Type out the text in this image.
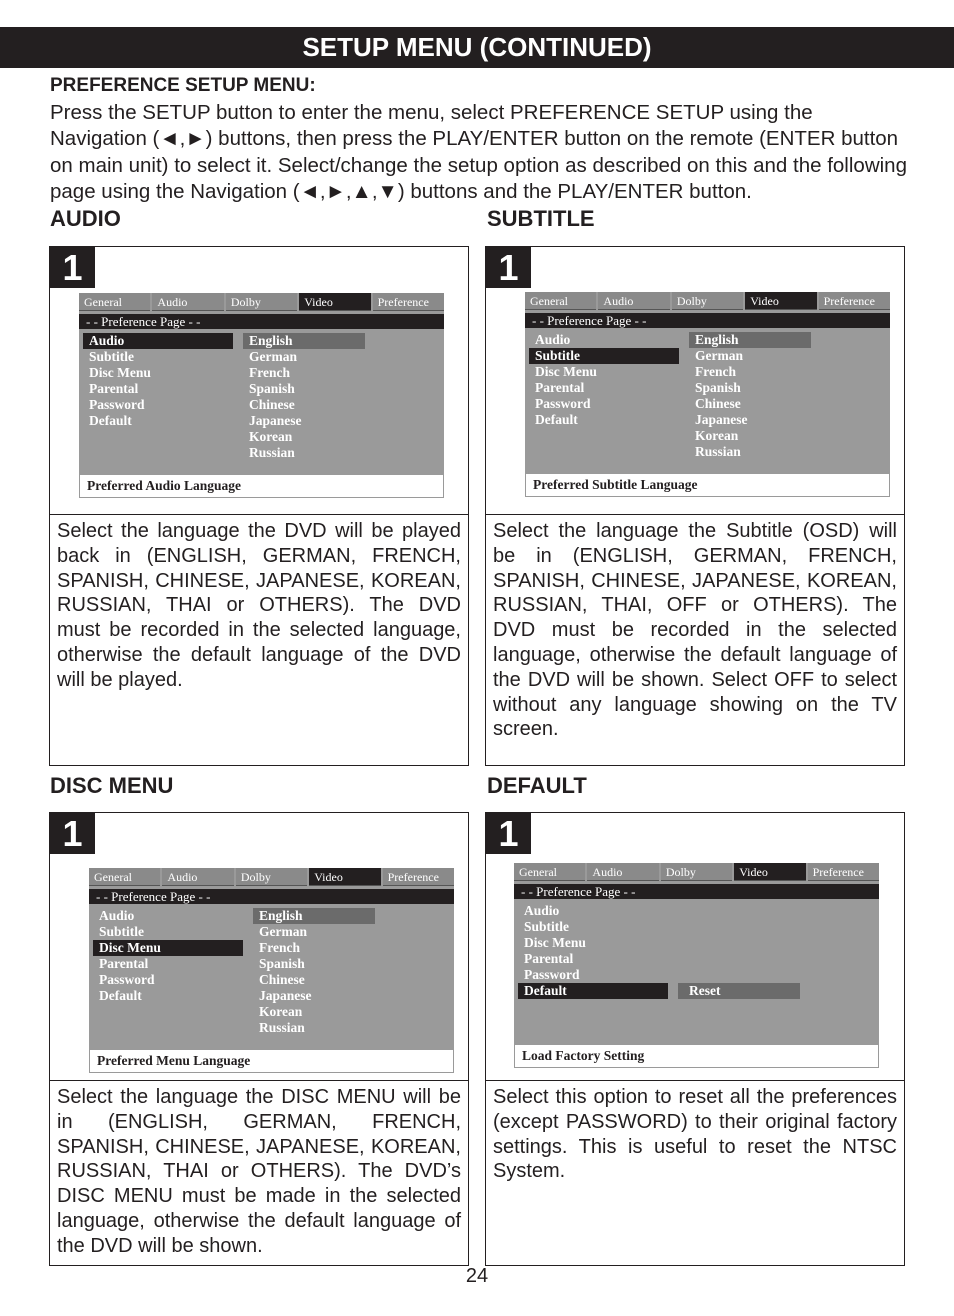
SETUP MENU (CONTINUED)
PREFERENCE SETUP MENU:
Press the SETUP button to enter the menu, select PREFERENCE SETUP using the Navigation (◄,►) buttons, then press the PLAY/ENTER button on the remote (ENTER button on main unit) to select it. Select/change the setup option as described on this and the following page using the Navigation (◄,►,▲,▼) buttons and the PLAY/ENTER button.
AUDIO
1
General	Audio	Dolby	Video	Preference
- - Preference Page - -
Audio
Subtitle
Disc Menu
Parental
Password
Default
English
German
French
Spanish
Chinese
Japanese
Korean
Russian
Preferred Audio Language
Select the language the DVD will be played back in (ENGLISH, GERMAN, FRENCH, SPANISH, CHINESE, JAPANESE, KOREAN, RUSSIAN, THAI or OTHERS). The DVD must be recorded in the selected language, otherwise the default language of the DVD will be played.
SUBTITLE
1
General	Audio	Dolby	Video	Preference
- - Preference Page - -
Audio
Subtitle
Disc Menu
Parental
Password
Default
English
German
French
Spanish
Chinese
Japanese
Korean
Russian
Preferred Subtitle Language
Select the language the Subtitle (OSD) will be in (ENGLISH, GERMAN, FRENCH, SPANISH, CHINESE, JAPANESE, KOREAN, RUSSIAN, THAI, OFF or OTHERS). The DVD must be recorded in the selected language, otherwise the default language of the DVD will be shown. Select OFF to select without any language showing on the TV screen.
DISC MENU
1
General	Audio	Dolby	Video	Preference
- - Preference Page - -
Audio
Subtitle
Disc Menu
Parental
Password
Default
English
German
French
Spanish
Chinese
Japanese
Korean
Russian
Preferred Menu Language
Select the language the DISC MENU will be in (ENGLISH, GERMAN, FRENCH, SPANISH, CHINESE, JAPANESE, KOREAN, RUSSIAN, THAI or OTHERS). The DVD’s DISC MENU must be made in the selected language, otherwise the default language of the DVD will be shown.
DEFAULT
1
General	Audio	Dolby	Video	Preference
- - Preference Page - -
Audio
Subtitle
Disc Menu
Parental
Password
Default	Reset
Load Factory Setting
Select this option to reset all the preferences (except PASSWORD) to their original factory settings. This is useful to reset the NTSC System.
24
